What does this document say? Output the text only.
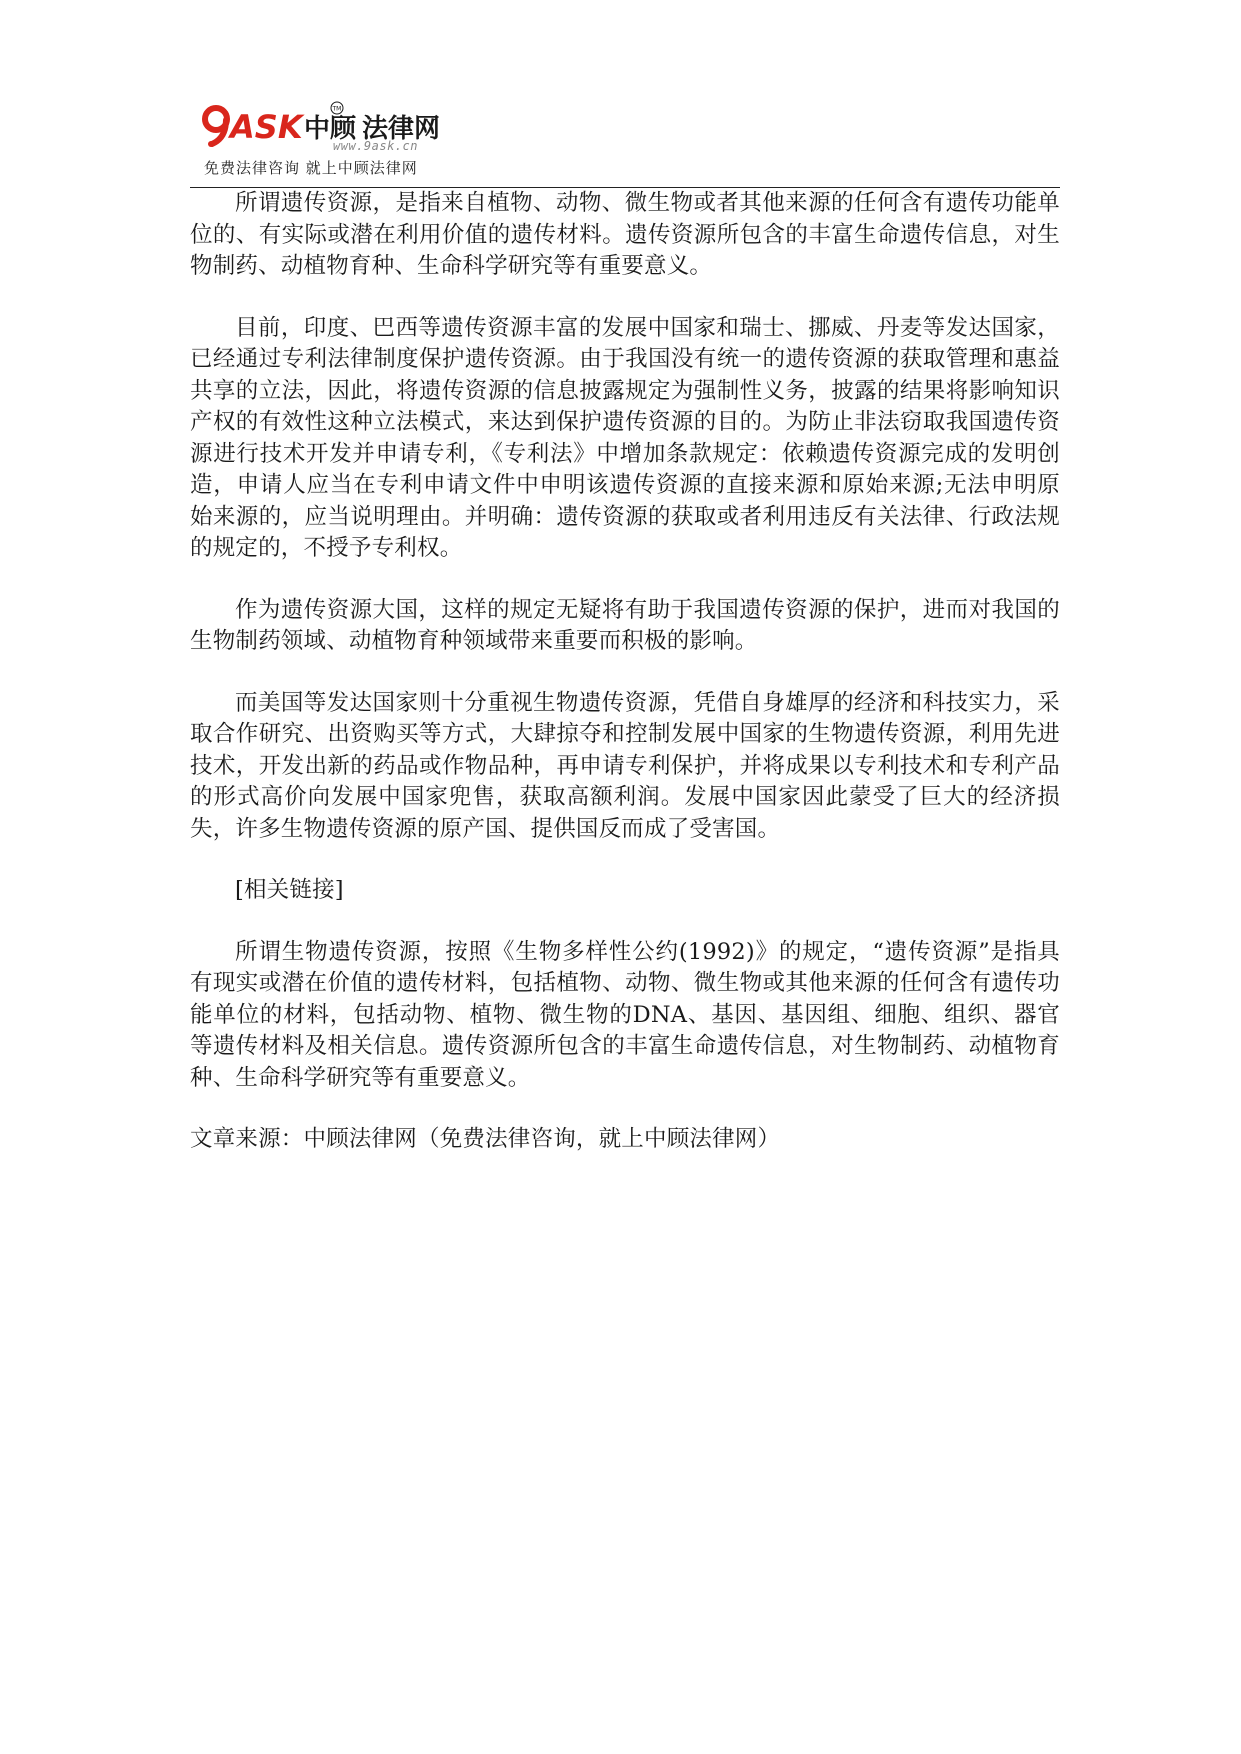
ASK 中顾 法律网
TM
www.9ask.cn
免费法律咨询 就上中顾法律网

所谓遗传资源，是指来自植物、动物、微生物或者其他来源的任何含有遗传功能单位的、有实际或潜在利用价值的遗传材料。遗传资源所包含的丰富生命遗传信息，对生物制药、动植物育种、生命科学研究等有重要意义。

目前，印度、巴西等遗传资源丰富的发展中国家和瑞士、挪威、丹麦等发达国家，已经通过专利法律制度保护遗传资源。由于我国没有统一的遗传资源的获取管理和惠益共享的立法，因此，将遗传资源的信息披露规定为强制性义务，披露的结果将影响知识产权的有效性这种立法模式，来达到保护遗传资源的目的。为防止非法窃取我国遗传资源进行技术开发并申请专利，《专利法》中增加条款规定：依赖遗传资源完成的发明创造，申请人应当在专利申请文件中申明该遗传资源的直接来源和原始来源;无法申明原始来源的，应当说明理由。并明确：遗传资源的获取或者利用违反有关法律、行政法规的规定的，不授予专利权。

作为遗传资源大国，这样的规定无疑将有助于我国遗传资源的保护，进而对我国的生物制药领域、动植物育种领域带来重要而积极的影响。

而美国等发达国家则十分重视生物遗传资源，凭借自身雄厚的经济和科技实力，采取合作研究、出资购买等方式，大肆掠夺和控制发展中国家的生物遗传资源，利用先进技术，开发出新的药品或作物品种，再申请专利保护，并将成果以专利技术和专利产品的形式高价向发展中国家兜售，获取高额利润。发展中国家因此蒙受了巨大的经济损失，许多生物遗传资源的原产国、提供国反而成了受害国。

[相关链接]

所谓生物遗传资源，按照《生物多样性公约(1992)》的规定，“遗传资源”是指具有现实或潜在价值的遗传材料，包括植物、动物、微生物或其他来源的任何含有遗传功能单位的材料，包括动物、植物、微生物的DNA、基因、基因组、细胞、组织、器官等遗传材料及相关信息。遗传资源所包含的丰富生命遗传信息，对生物制药、动植物育种、生命科学研究等有重要意义。

文章来源：中顾法律网（免费法律咨询，就上中顾法律网）
